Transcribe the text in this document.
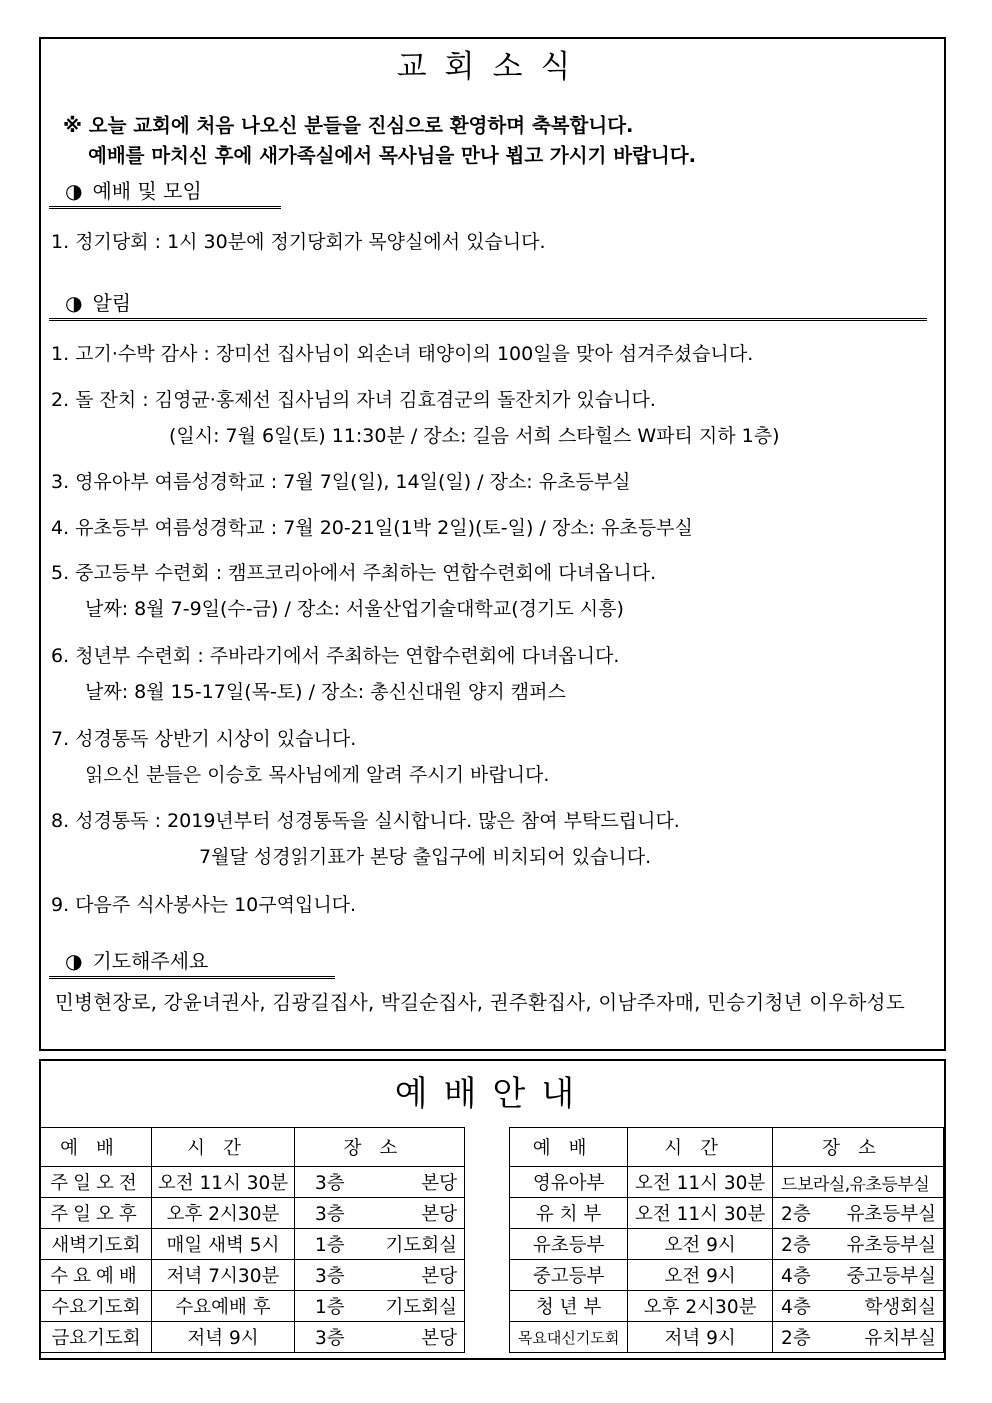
교회소식
※ 오늘 교회에 처음 나오신 분들을 진심으로 환영하며 축복합니다.
예배를 마치신 후에 새가족실에서 목사님을 만나 뵙고 가시기 바랍니다.
◑ 예배 및 모임
1. 정기당회 : 1시 30분에 정기당회가 목양실에서 있습니다.
◑ 알림
1. 고기·수박 감사 : 장미선 집사님이 외손녀 태양이의 100일을 맞아 섬겨주셨습니다.
2. 돌 잔치 : 김영균·홍제선 집사님의 자녀 김효겸군의 돌잔치가 있습니다.
(일시: 7월 6일(토) 11:30분 / 장소: 길음 서희 스타힐스 W파티 지하 1층)
3. 영유아부 여름성경학교 : 7월 7일(일), 14일(일) / 장소: 유초등부실
4. 유초등부 여름성경학교 : 7월 20-21일(1박 2일)(토-일) / 장소: 유초등부실
5. 중고등부 수련회 : 캠프코리아에서 주최하는 연합수련회에 다녀옵니다.
날짜: 8월 7-9일(수-금) / 장소: 서울산업기술대학교(경기도 시흥)
6. 청년부 수련회 : 주바라기에서 주최하는 연합수련회에 다녀옵니다.
날짜: 8월 15-17일(목-토) / 장소: 총신신대원 양지 캠퍼스
7. 성경통독 상반기 시상이 있습니다.
읽으신 분들은 이승호 목사님에게 알려 주시기 바랍니다.
8. 성경통독 : 2019년부터 성경통독을 실시합니다. 많은 참여 부탁드립니다.
7월달 성경읽기표가 본당 출입구에 비치되어 있습니다.
9. 다음주 식사봉사는 10구역입니다.
◑ 기도해주세요
민병현장로, 강윤녀권사, 김광길집사, 박길순집사, 권주환집사, 이남주자매, 민승기청년 이우하성도
예배안내
예배	시간	장소
주일오전	오전 11시 30분	3층 본당

주일오후	오후 2시30분	3층 본당

새벽기도회	매일 새벽 5시	1층 기도회실

수요예배	저녁 7시30분	3층 본당

수요기도회	수요예배 후	1층 기도회실

금요기도회	저녁 9시	3층 본당
예배	시간	장소
영유아부	오전 11시 30분	드보라실,유초등부실
유 치 부	오전 11시 30분	2층 유초등부실

유초등부	오전 9시	2층 유초등부실

중고등부	오전 9시	4층 중고등부실

청 년 부	오후 2시30분	4층 학생회실

목요대신기도회	저녁 9시	2층 유치부실
